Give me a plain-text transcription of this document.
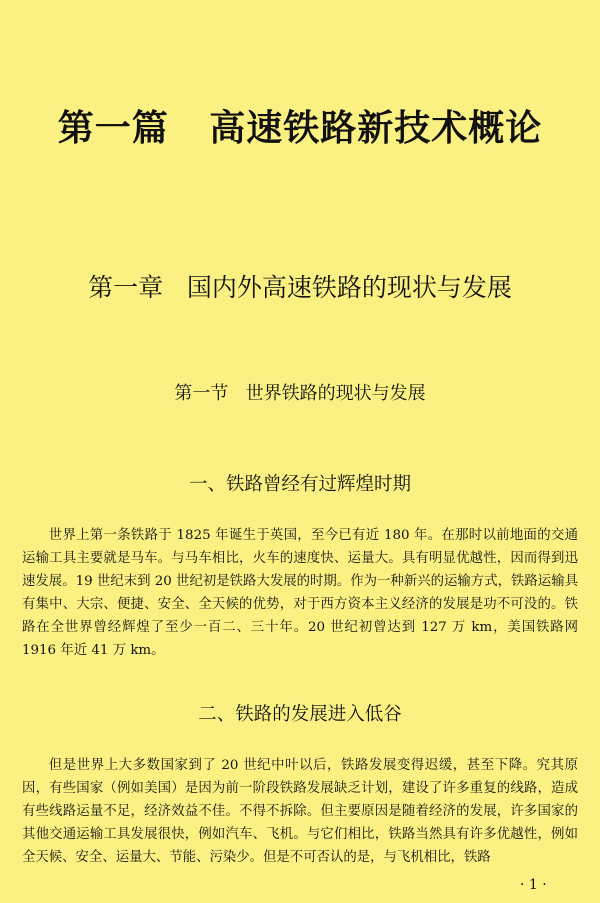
第一篇   高速铁路新技术概论
第一章   国内外高速铁路的现状与发展
第一节   世界铁路的现状与发展
一、铁路曾经有过辉煌时期
世界上第一条铁路于 1825 年诞生于英国，至今已有近 180 年。在那时以前地面的交通运输工具主要就是马车。与马车相比，火车的速度快、运量大。具有明显优越性，因而得到迅速发展。19 世纪末到 20 世纪初是铁路大发展的时期。作为一种新兴的运输方式，铁路运输具有集中、大宗、便捷、安全、全天候的优势，对于西方资本主义经济的发展是功不可没的。铁路在全世界曾经辉煌了至少一百二、三十年。20 世纪初曾达到 127 万 km，美国铁路网 1916 年近 41 万 km。
二、铁路的发展进入低谷
但是世界上大多数国家到了 20 世纪中叶以后，铁路发展变得迟缓，甚至下降。究其原因，有些国家（例如美国）是因为前一阶段铁路发展缺乏计划，建设了许多重复的线路，造成有些线路运量不足，经济效益不佳。不得不拆除。但主要原因是随着经济的发展，许多国家的其他交通运输工具发展很快，例如汽车、飞机。与它们相比，铁路当然具有许多优越性，例如全天候、安全、运量大、节能、污染少。但是不可否认的是，与飞机相比，铁路
· 1 ·
